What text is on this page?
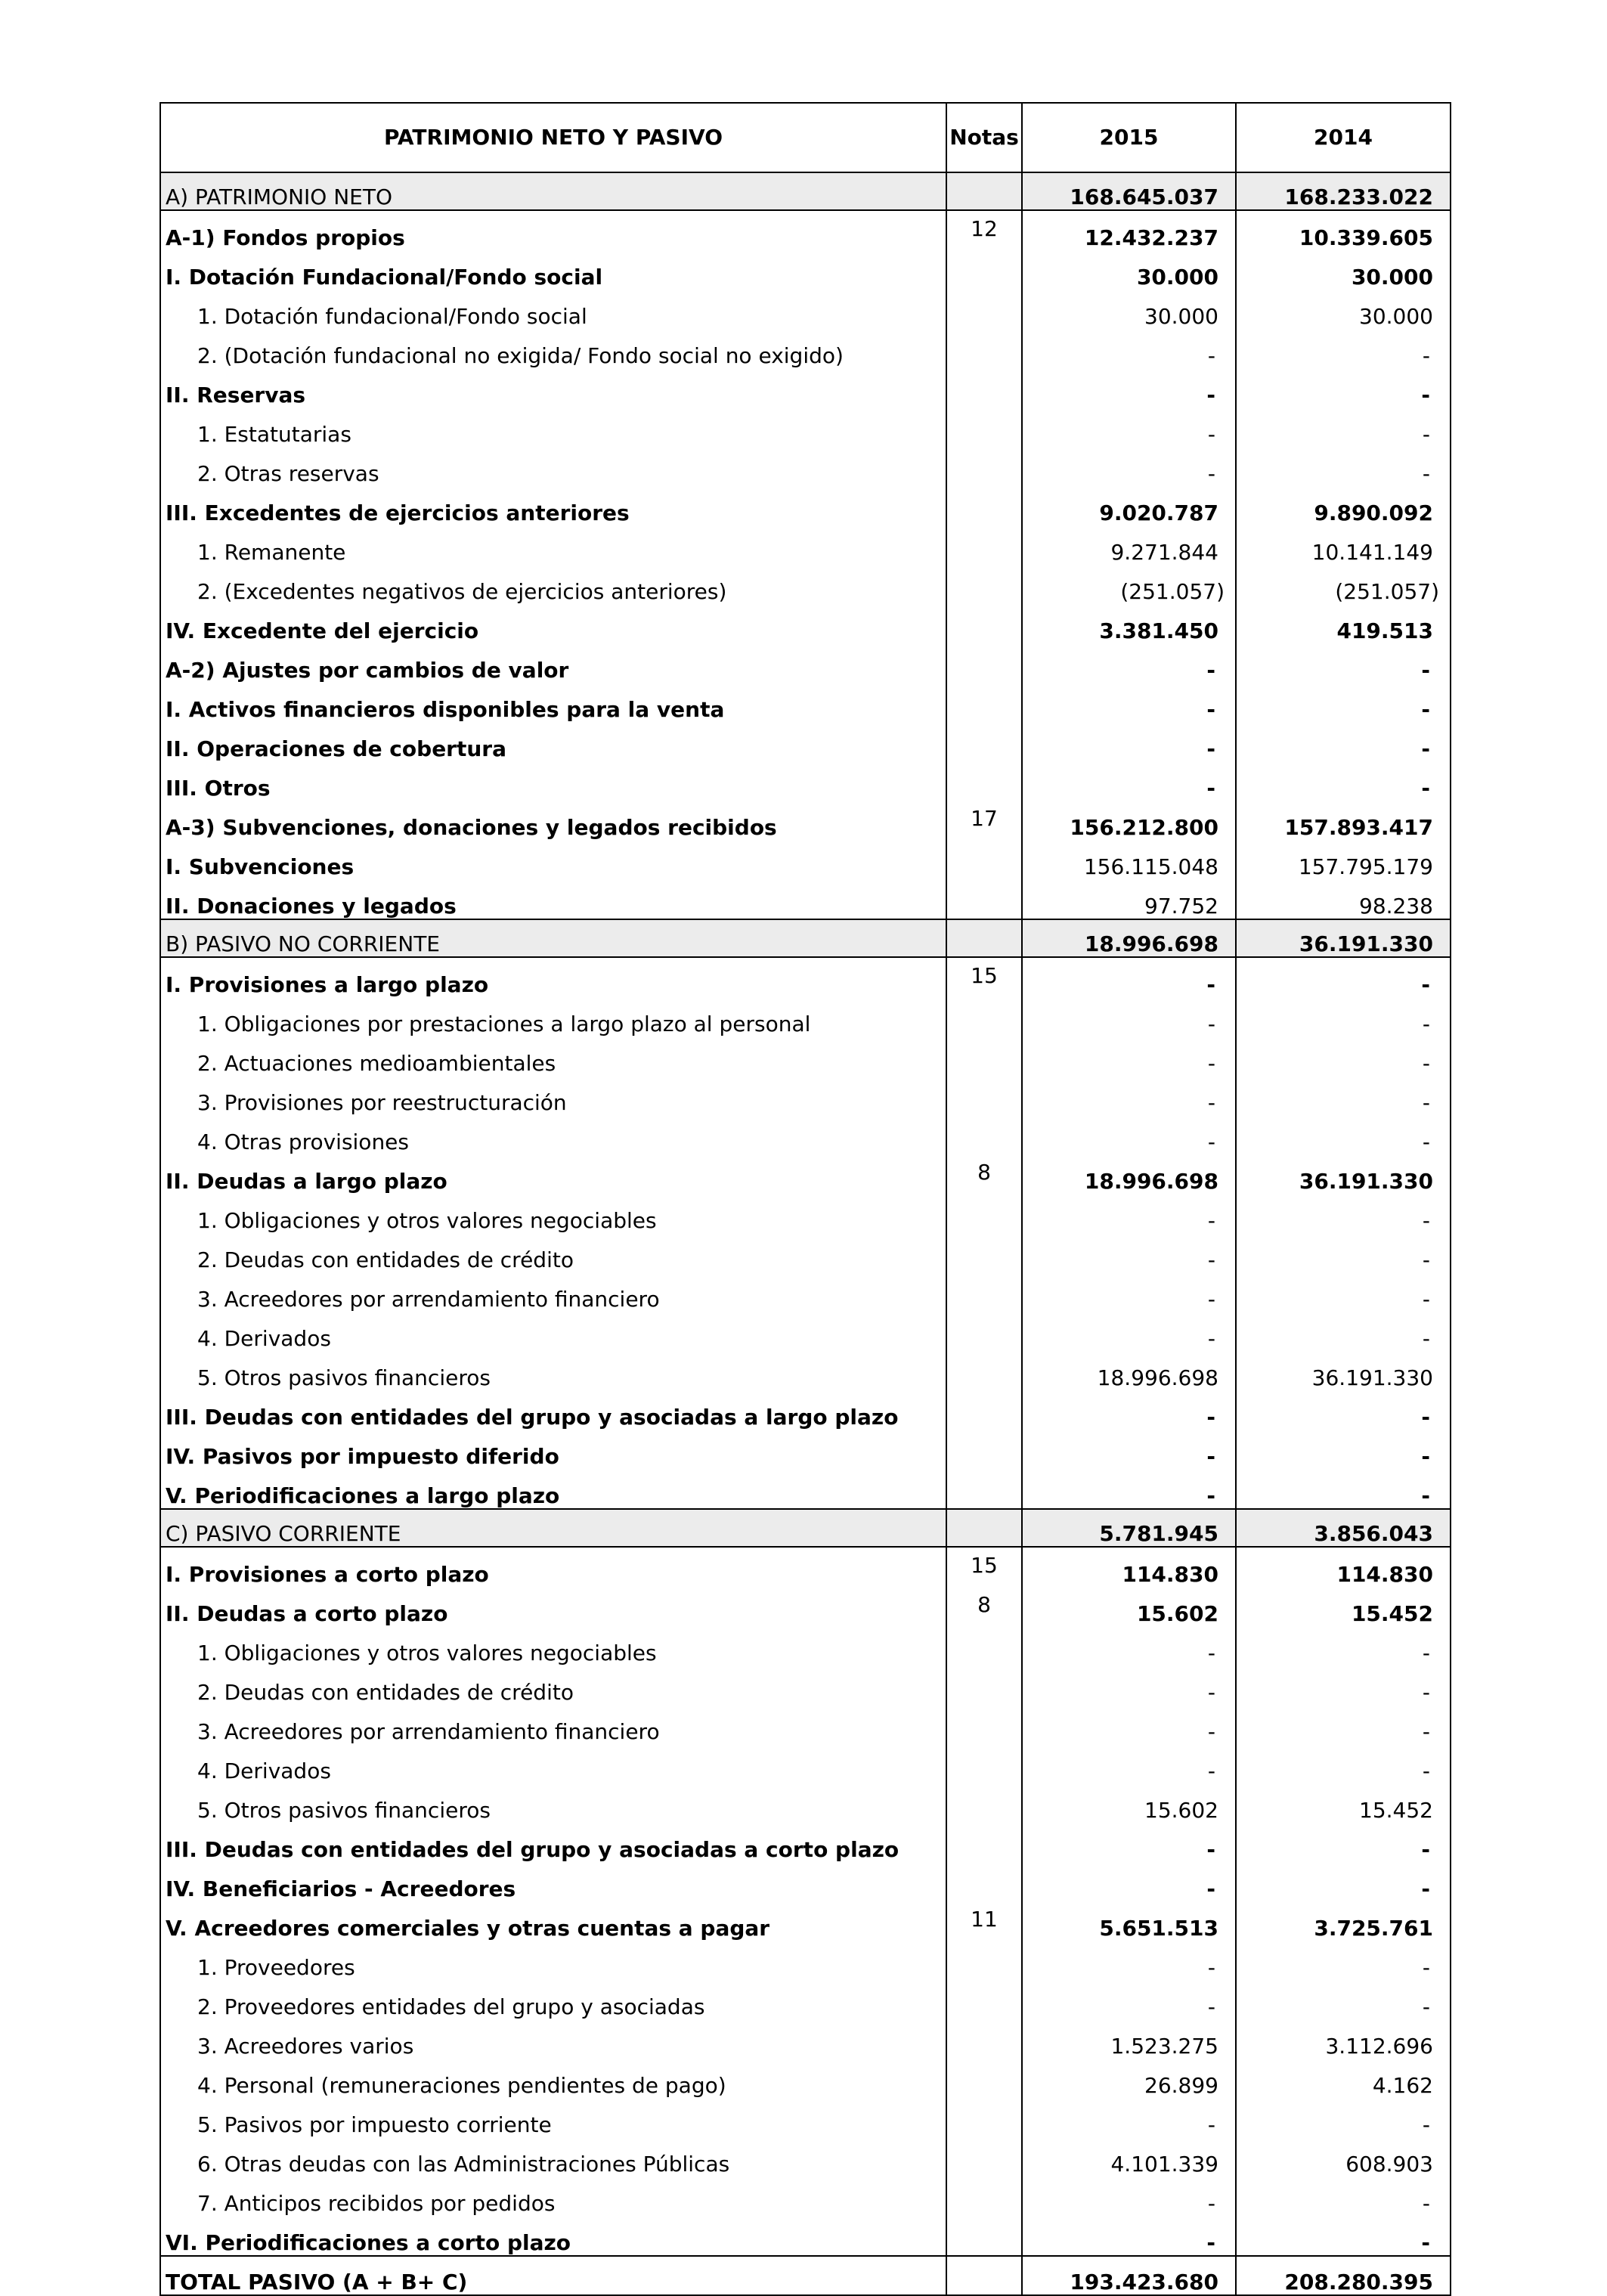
PATRIMONIO NETO Y PASIVO	Notas	2015	2014
A) PATRIMONIO NETO		168.645.037	168.233.022
A-1) Fondos propios	12	12.432.237	10.339.605
I. Dotación Fundacional/Fondo social		30.000	30.000
1. Dotación fundacional/Fondo social		30.000	30.000
2. (Dotación fundacional no exigida/ Fondo social no exigido)		-	-
II. Reservas		-	-
1. Estatutarias		-	-
2. Otras reservas		-	-
III. Excedentes de ejercicios anteriores		9.020.787	9.890.092
1. Remanente		9.271.844	10.141.149
2. (Excedentes negativos de ejercicios anteriores)		(251.057)	(251.057)
IV. Excedente del ejercicio		3.381.450	419.513
A-2) Ajustes por cambios de valor		-	-
I. Activos financieros disponibles para la venta		-	-
II. Operaciones de cobertura		-	-
III. Otros		-	-
A-3) Subvenciones, donaciones y legados recibidos	17	156.212.800	157.893.417
I. Subvenciones		156.115.048	157.795.179
II. Donaciones y legados		97.752	98.238
B) PASIVO NO CORRIENTE		18.996.698	36.191.330
I. Provisiones a largo plazo	15	-	-
1. Obligaciones por prestaciones a largo plazo al personal		-	-
2. Actuaciones medioambientales		-	-
3. Provisiones por reestructuración		-	-
4. Otras provisiones		-	-
II. Deudas a largo plazo	8	18.996.698	36.191.330
1. Obligaciones y otros valores negociables		-	-
2. Deudas con entidades de crédito		-	-
3. Acreedores por arrendamiento financiero		-	-
4. Derivados		-	-
5. Otros pasivos financieros		18.996.698	36.191.330
III. Deudas con entidades del grupo y asociadas a largo plazo		-	-
IV. Pasivos por impuesto diferido		-	-
V. Periodificaciones a largo plazo		-	-
C) PASIVO CORRIENTE		5.781.945	3.856.043
I. Provisiones a corto plazo	15	114.830	114.830
II. Deudas a corto plazo	8	15.602	15.452
1. Obligaciones y otros valores negociables		-	-
2. Deudas con entidades de crédito		-	-
3. Acreedores por arrendamiento financiero		-	-
4. Derivados		-	-
5. Otros pasivos financieros		15.602	15.452
III. Deudas con entidades del grupo y asociadas a corto plazo		-	-
IV. Beneficiarios - Acreedores		-	-
V. Acreedores comerciales y otras cuentas a pagar	11	5.651.513	3.725.761
1. Proveedores		-	-
2. Proveedores entidades del grupo y asociadas		-	-
3. Acreedores varios		1.523.275	3.112.696
4. Personal (remuneraciones pendientes de pago)		26.899	4.162
5. Pasivos por impuesto corriente		-	-
6. Otras deudas con las Administraciones Públicas		4.101.339	608.903
7. Anticipos recibidos por pedidos		-	-
VI. Periodificaciones a corto plazo		-	-
TOTAL PASIVO (A + B+ C)		193.423.680	208.280.395
